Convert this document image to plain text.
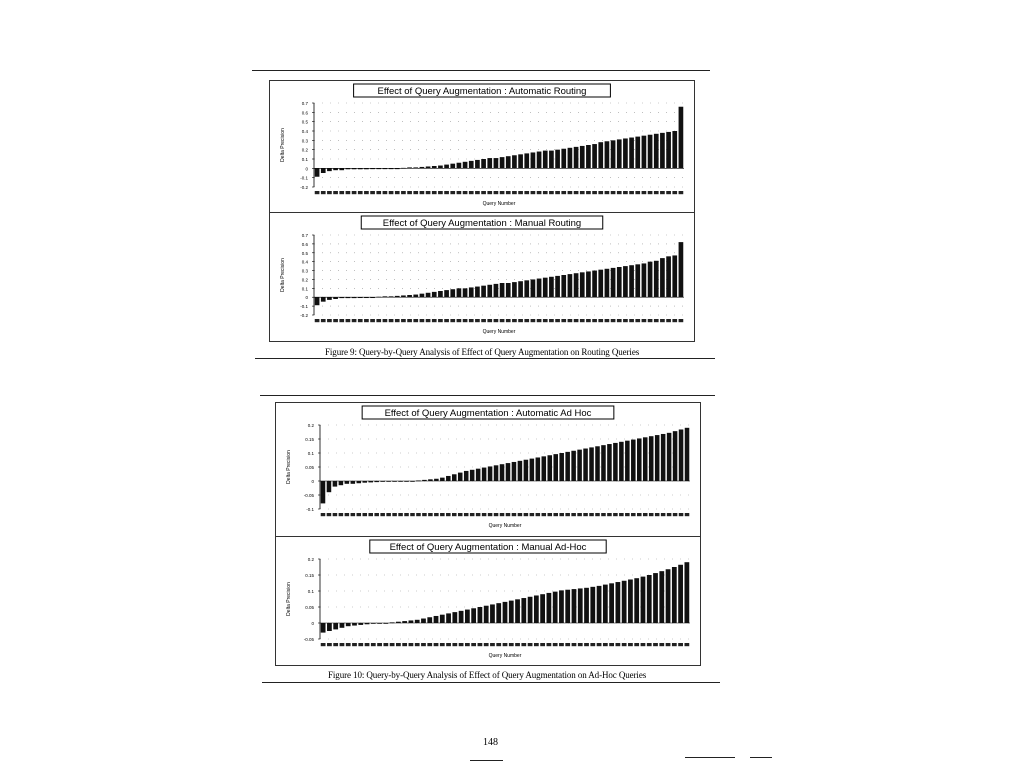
Effect of Query Augmentation : Automatic Routing
0.7
0.6
0.5
0.4
0.3
0.2
0.1
0
-0.1
-0.2
Delta Precision
Query Number
Effect of Query Augmentation : Manual Routing
0.7
0.6
0.5
0.4
0.3
0.2
0.1
0
-0.1
-0.2
Delta Precision
Query Number
Figure 9: Query-by-Query Analysis of Effect of Query Augmentation on Routing Queries
Effect of Query Augmentation : Automatic Ad Hoc
0.2
0.15
0.1
0.05
0
-0.05
-0.1
Delta Precision
Query Number
Effect of Query Augmentation : Manual Ad-Hoc
0.2
0.15
0.1
0.05
0
-0.05
Delta Precision
Query Number
Figure 10: Query-by-Query Analysis of Effect of Query Augmentation on Ad-Hoc Queries
148
